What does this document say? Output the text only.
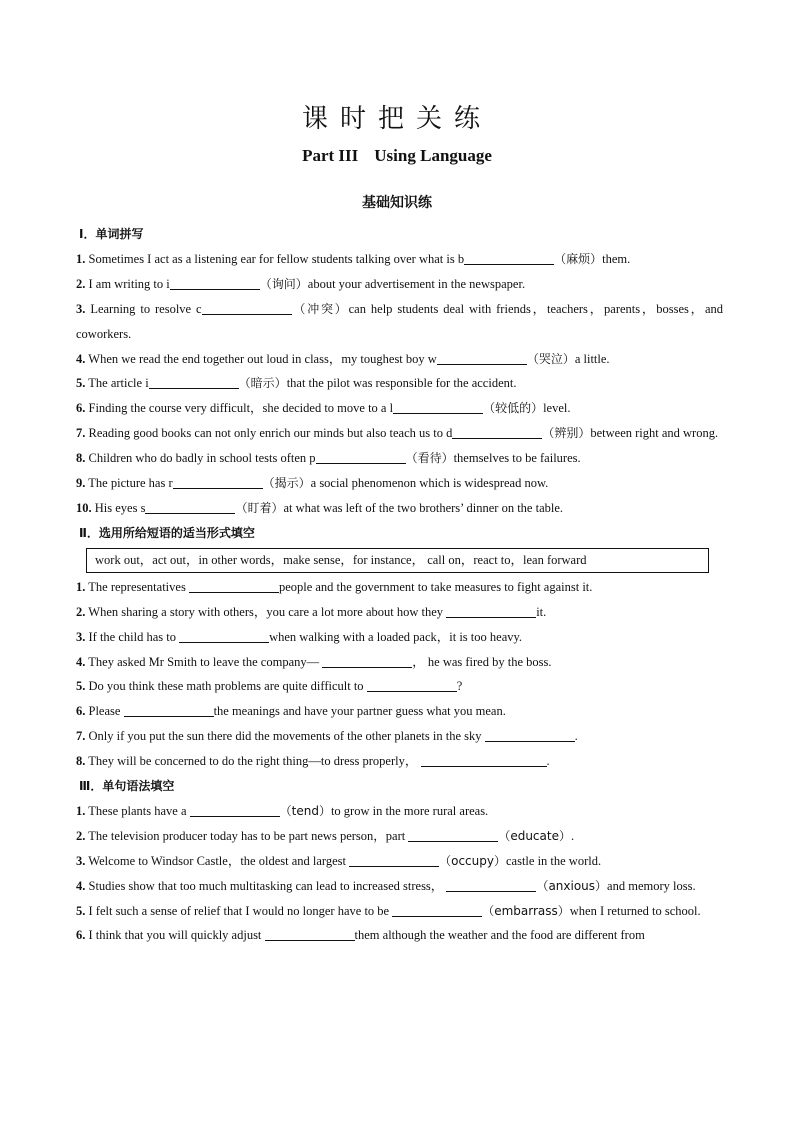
课时把关练
Part III Using Language
基础知识练
Ⅰ．单词拼写
1. Sometimes I act as a listening ear for fellow students talking over what is b	（麻烦）them.
2. I am writing to i	（询问）about your advertisement in the newspaper.
3. Learning to resolve c	（冲突）can help students deal with friends，teachers，parents，bosses，and coworkers.
4. When we read the end together out loud in class，my toughest boy w	（哭泣）a little.
5. The article i	（暗示）that the pilot was responsible for the accident.
6. Finding the course very difficult，she decided to move to a l	（较低的）level.
7. Reading good books can not only enrich our minds but also teach us to d	（辨别）between right and wrong.
8. Children who do badly in school tests often p	（看待）themselves to be failures.
9. The picture has r	（揭示）a social phenomenon which is widespread now.
10. His eyes s	（盯着）at what was left of the two brothers’ dinner on the table.
Ⅱ．选用所给短语的适当形式填空
work out，act out，in other words，make sense，for instance， call on，react to，lean forward
1. The representatives	people and the government to take measures to fight against it.
2. When sharing a story with others，you care a lot more about how they	it.
3. If the child has to	when walking with a loaded pack，it is too heavy.
4. They asked Mr Smith to leave the company—	， he was fired by the boss.
5. Do you think these math problems are quite difficult to	?
6. Please	the meanings and have your partner guess what you mean.
7. Only if you put the sun there did the movements of the other planets in the sky	.
8. They will be concerned to do the right thing—to dress properly，	.
Ⅲ．单句语法填空
1. These plants have a	（tend）to grow in the more rural areas.
2. The television producer today has to be part news person，part	（educate）.
3. Welcome to Windsor Castle，the oldest and largest	（occupy）castle in the world.
4. Studies show that too much multitasking can lead to increased stress，	（anxious）and memory loss.
5. I felt such a sense of relief that I would no longer have to be	（embarrass）when I returned to school.
6. I think that you will quickly adjust	them although the weather and the food are different from
